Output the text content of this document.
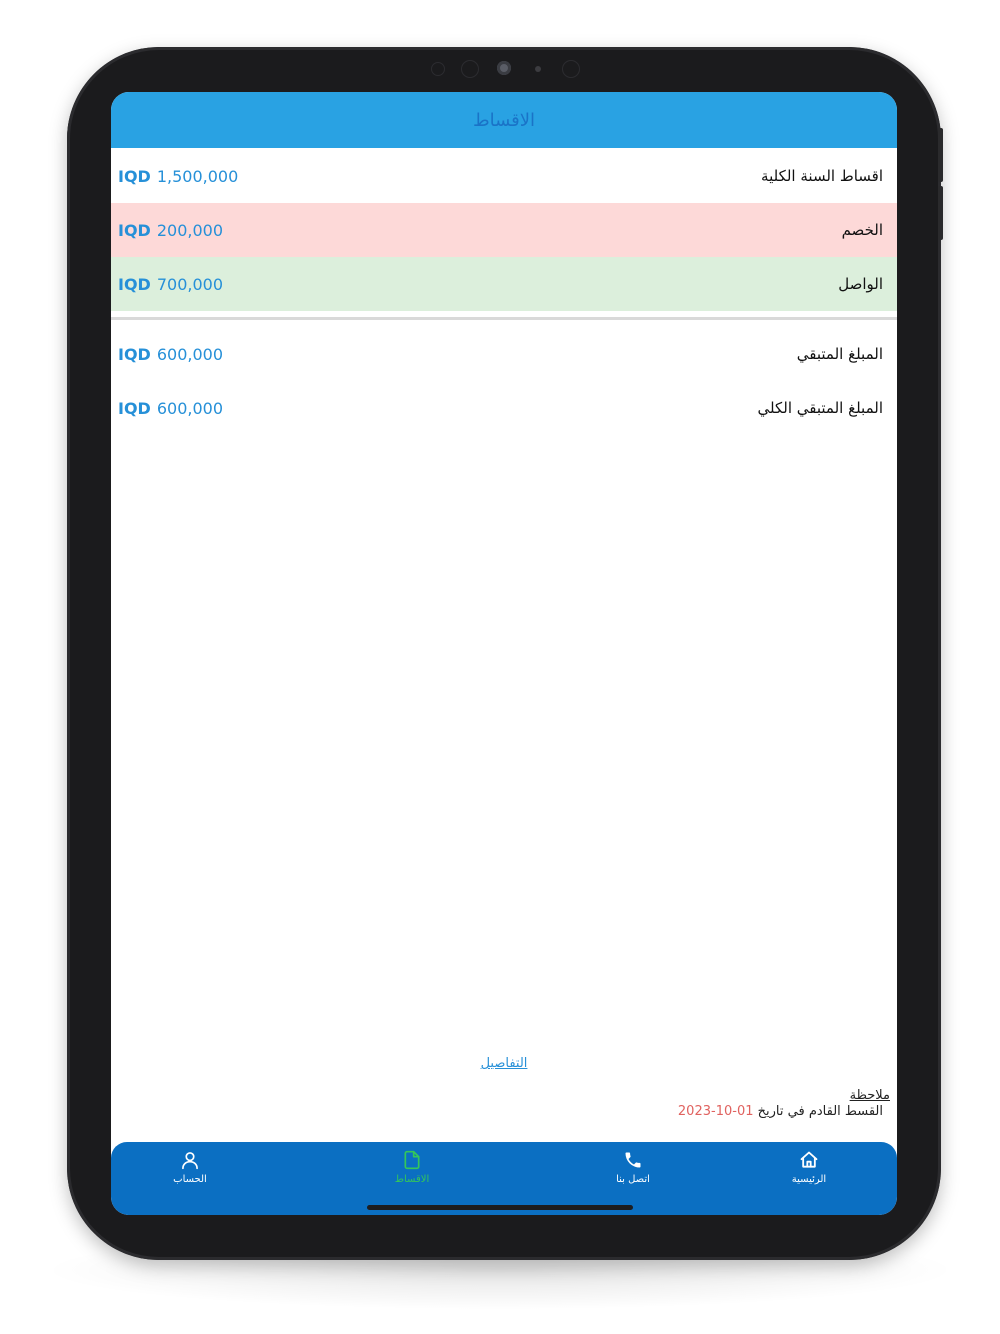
الاقساط
IQD 1,500,000	اقساط السنة الكلية
IQD 200,000	الخصم
IQD 700,000	الواصل
IQD 600,000	المبلغ المتبقي
IQD 600,000	المبلغ المتبقي الكلي
التفاصيل
ملاحظة
القسط القادم في تاريخ 01-10-2023
الحساب	الاقساط	اتصل بنا	الرئيسية
